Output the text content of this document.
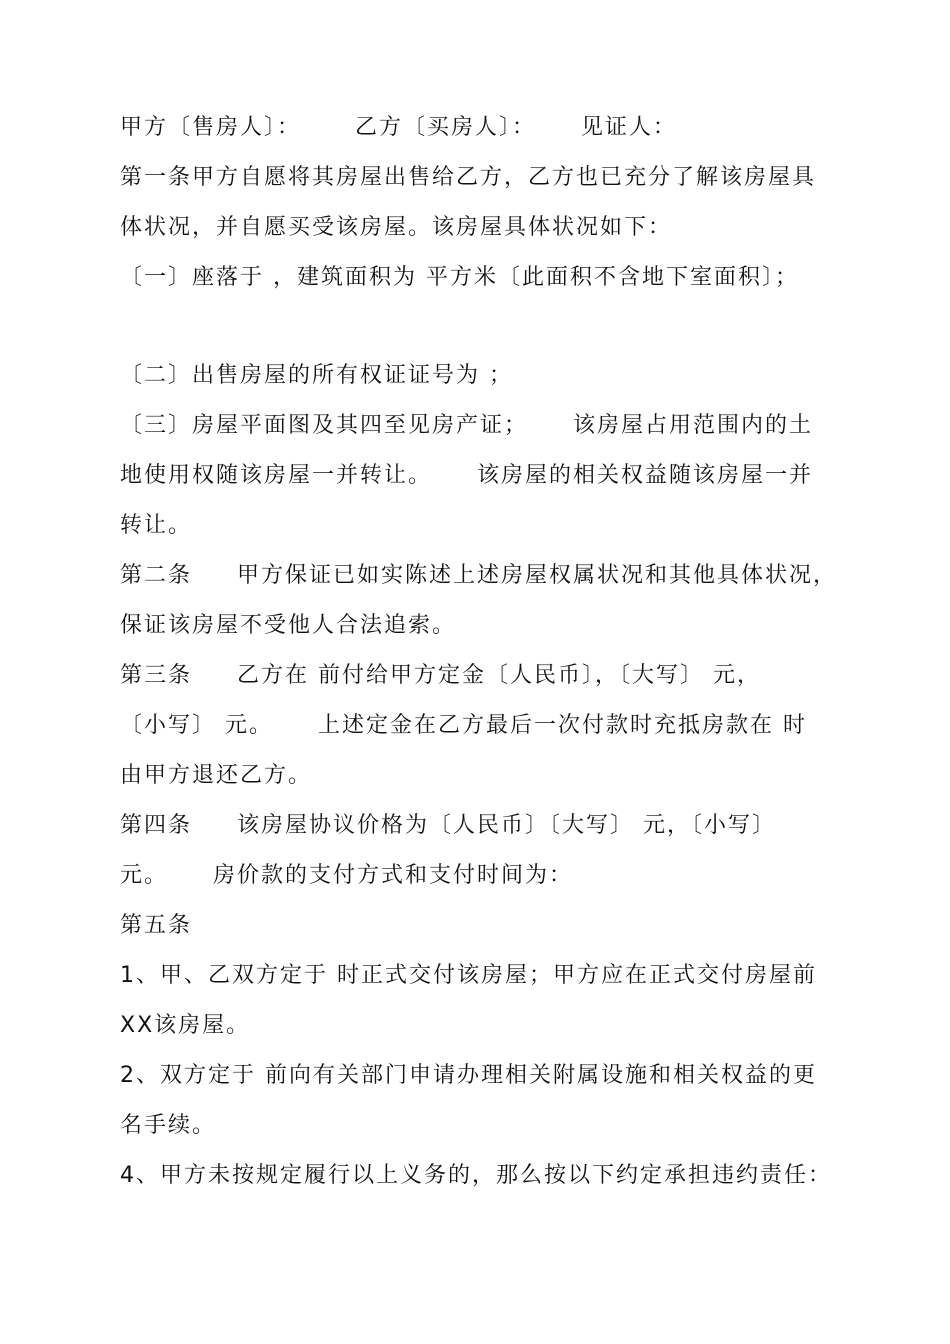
甲方〔售房人〕：      乙方〔买房人〕：     见证人：
第一条甲方自愿将其房屋出售给乙方，乙方也已充分了解该房屋具
体状况，并自愿买受该房屋。该房屋具体状况如下：
〔一〕座落于 ，建筑面积为 平方米〔此面积不含地下室面积〕；
〔二〕出售房屋的所有权证证号为 ；
〔三〕房屋平面图及其四至见房产证；     该房屋占用范围内的土
地使用权随该房屋一并转让。     该房屋的相关权益随该房屋一并
转让。
第二条     甲方保证已如实陈述上述房屋权属状况和其他具体状况，
保证该房屋不受他人合法追索。
第三条     乙方在 前付给甲方定金〔人民币〕，〔大写〕 元，
〔小写〕 元。     上述定金在乙方最后一次付款时充抵房款在 时
由甲方退还乙方。
第四条     该房屋协议价格为〔人民币〕〔大写〕 元，〔小写〕
元。     房价款的支付方式和支付时间为：
第五条
1、甲、乙双方定于 时正式交付该房屋；甲方应在正式交付房屋前
XX该房屋。
2、双方定于 前向有关部门申请办理相关附属设施和相关权益的更
名手续。
4、甲方未按规定履行以上义务的，那么按以下约定承担违约责任：
